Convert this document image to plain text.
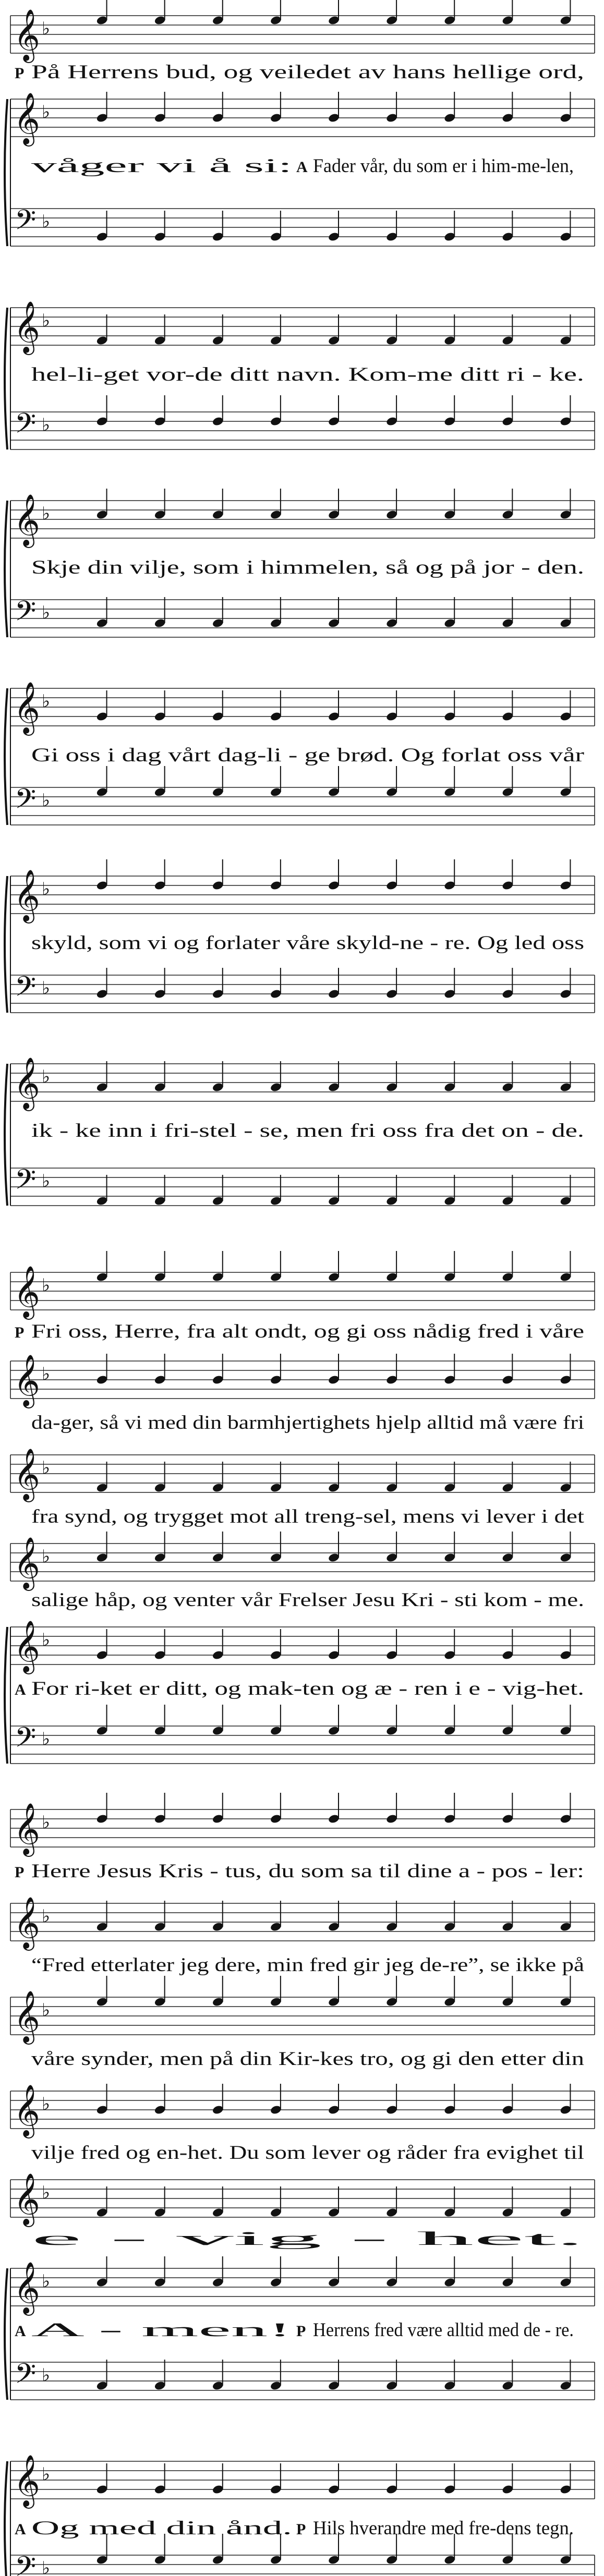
♭
𝄞
På Herrens bud, og veiledet av hans hellige ord,
P
♭
𝄞
våger vi å si: Fader vår, du som er i him-me-len,
A
♭
𝄢
♭
𝄞
hel-li-get vor-de ditt navn. Kom-me ditt ri - ke.
♭
𝄢
♭
𝄞
Skje din vilje, som i himmelen, så og på jor - den.
♭
𝄢
♭
𝄞
Gi oss i dag vårt dag-li - ge brød. Og forlat oss vår
♭
𝄢
♭
𝄞
skyld, som vi og forlater våre skyld-ne - re. Og led oss
♭
𝄢
♭
𝄞
ik - ke inn i fri-stel - se, men fri oss fra det on - de.
♭
𝄢
♭
𝄞
Fri oss, Herre, fra alt ondt, og gi oss nådig fred i våre
P
♭
𝄞
da-ger, så vi med din barmhjertighets hjelp alltid må være fri
♭
𝄞
fra synd, og trygget mot all treng-sel, mens vi lever i det
♭
𝄞
salige håp, og venter vår Frelser Jesu Kri - sti kom - me.
♭
𝄞
For ri-ket er ditt, og mak-ten og æ - ren i e - vig-het.
A
♭
𝄢
♭
𝄞
Herre Jesus Kris - tus, du som sa til dine a - pos - ler:
P
♭
𝄞
“Fred etterlater jeg dere, min fred gir jeg de-re”, se ikke på
♭
𝄞
våre synder, men på din Kir-kes tro, og gi den etter din
♭
𝄞
vilje fred og en-het. Du som lever og råder fra evighet til
♭
𝄞
e - vig - het.
♭
𝄞
A - men!
A	Herrens fred være alltid med de - re.
P
♭
𝄢
♭
𝄞
Og med din ånd.
A	Hils hverandre med fre-dens tegn.
P
♭
𝄢
